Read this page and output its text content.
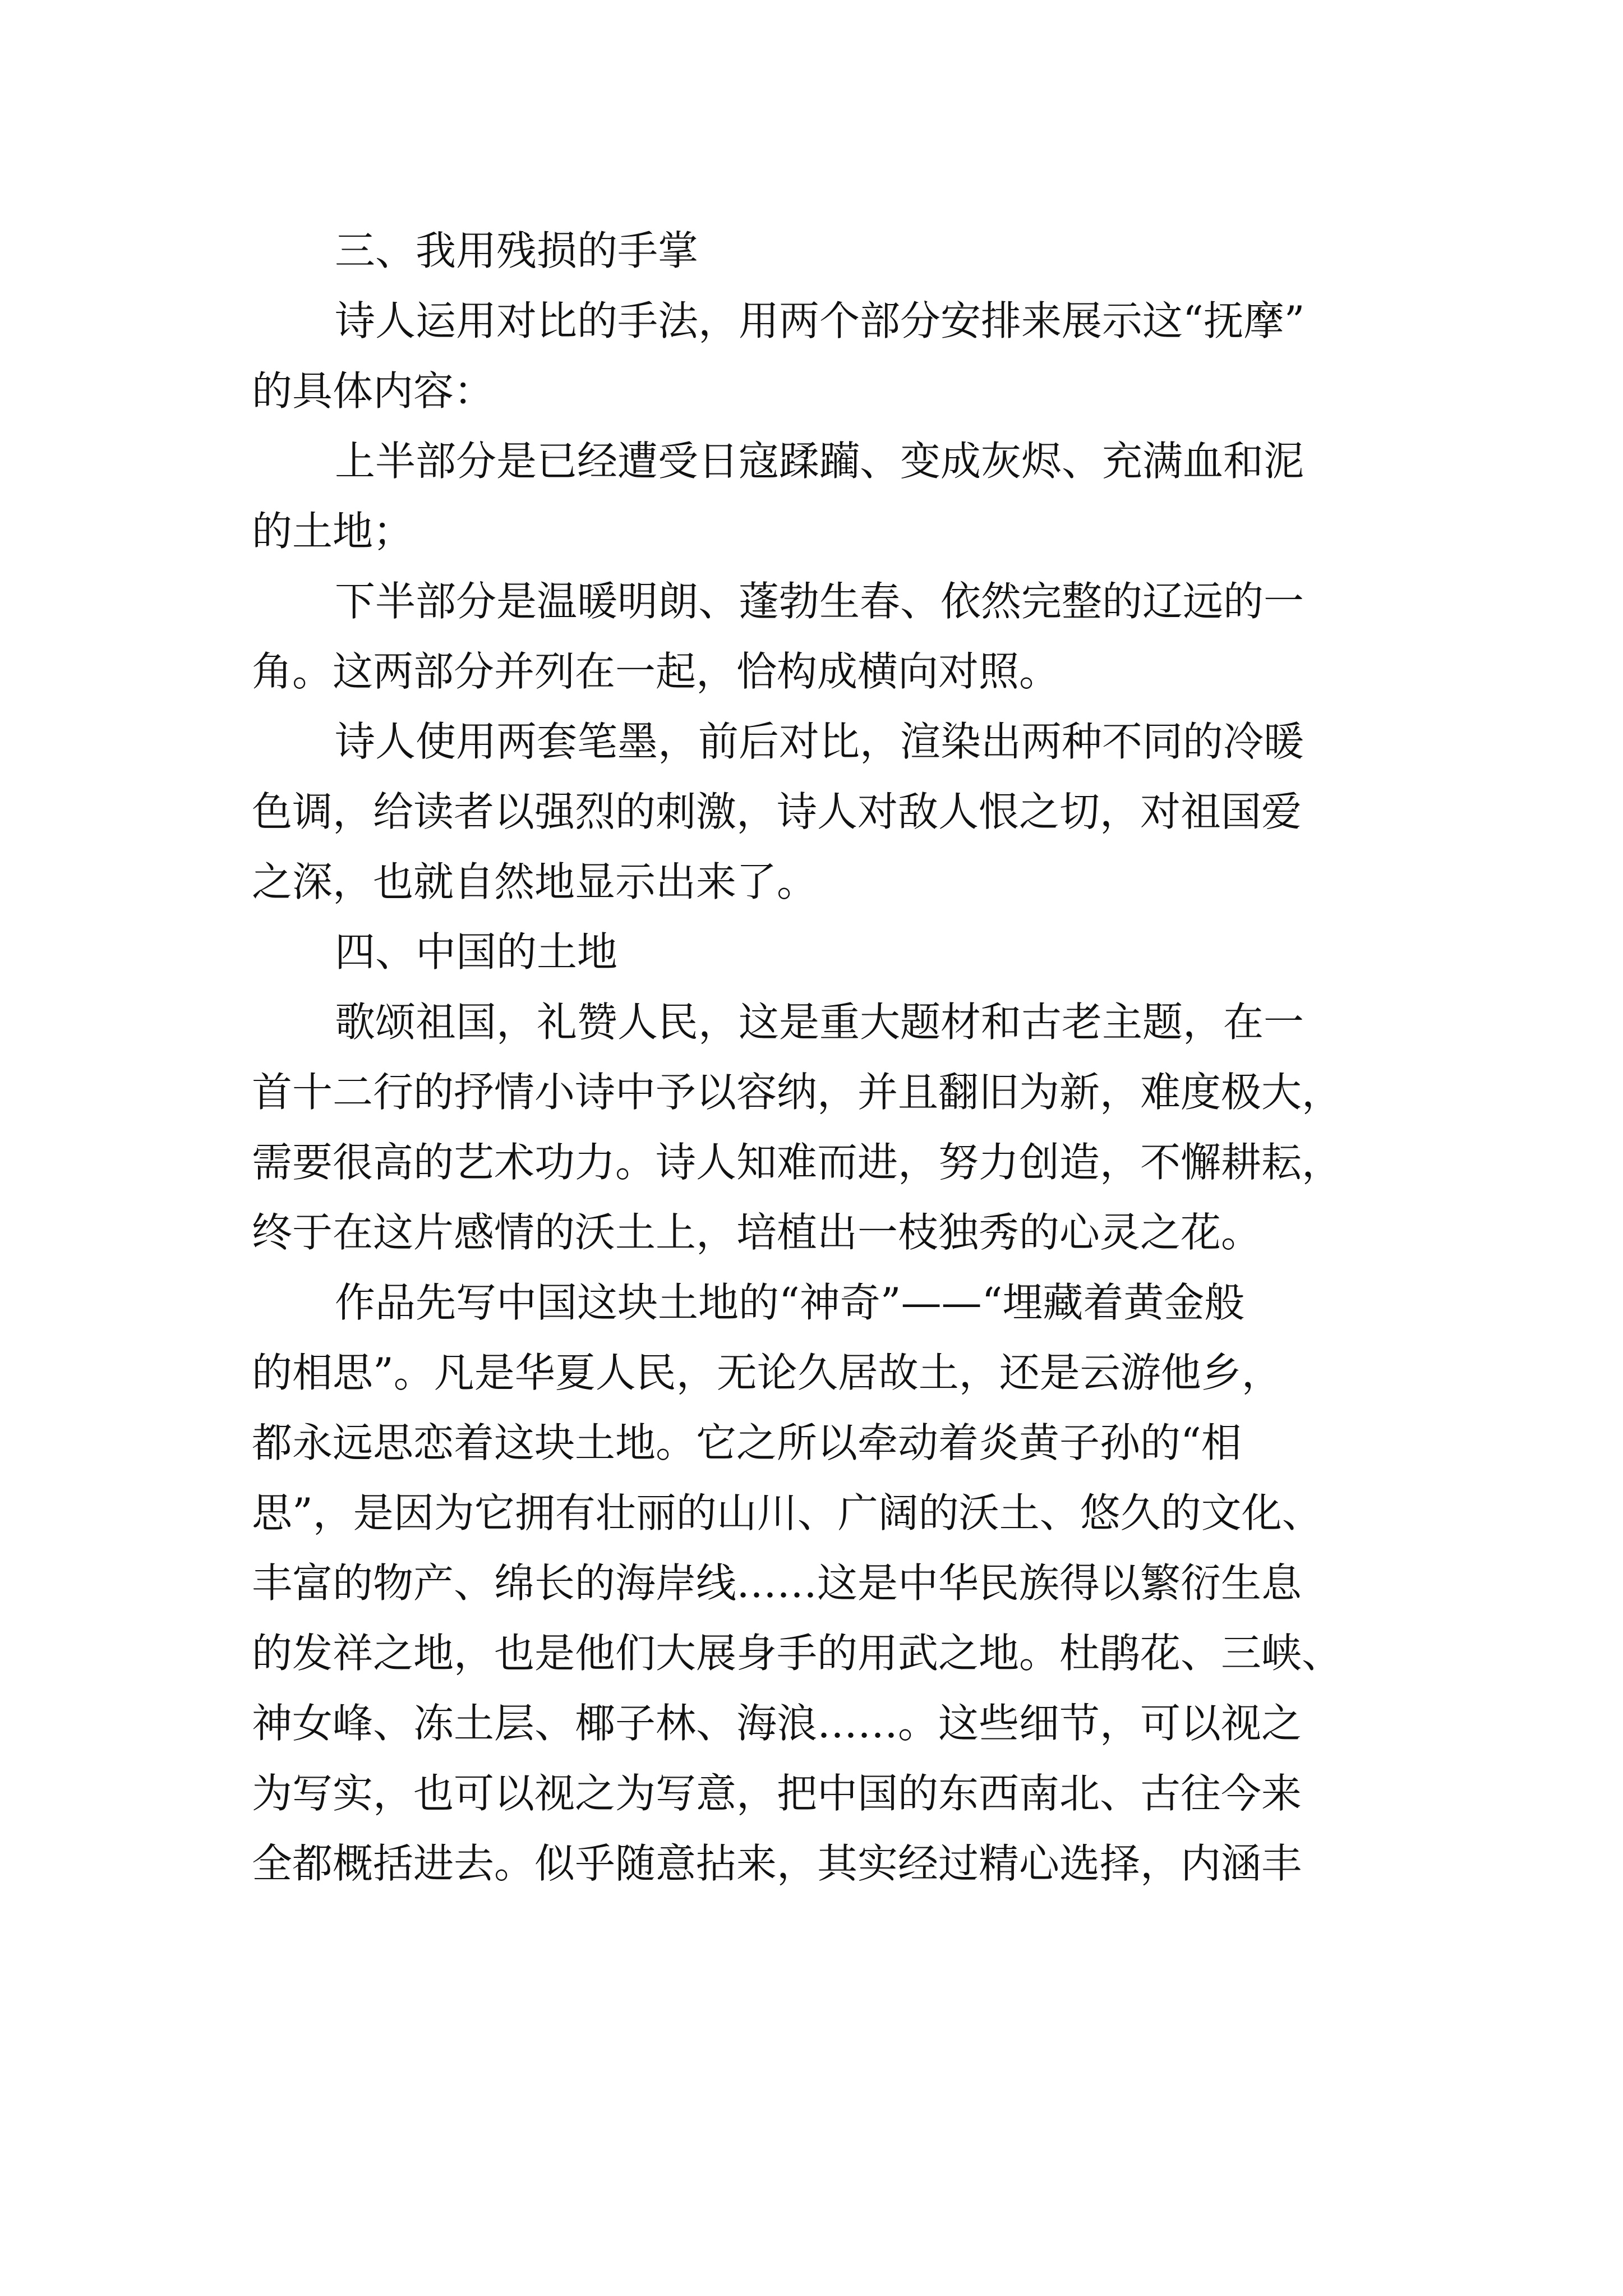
三、我用残损的手掌
诗人运用对比的手法，用两个部分安排来展示这“抚摩”
的具体内容：
上半部分是已经遭受日寇蹂躏、变成灰烬、充满血和泥
的土地；
下半部分是温暖明朗、蓬勃生春、依然完整的辽远的一
角。这两部分并列在一起，恰构成横向对照。
诗人使用两套笔墨，前后对比，渲染出两种不同的冷暖
色调，给读者以强烈的刺激，诗人对敌人恨之切，对祖国爱
之深，也就自然地显示出来了。
四、中国的土地
歌颂祖国，礼赞人民，这是重大题材和古老主题，在一
首十二行的抒情小诗中予以容纳，并且翻旧为新，难度极大，
需要很高的艺术功力。诗人知难而进，努力创造，不懈耕耘，
终于在这片感情的沃土上，培植出一枝独秀的心灵之花。
作品先写中国这块土地的“神奇”——“埋藏着黄金般
的相思”。凡是华夏人民，无论久居故土，还是云游他乡，
都永远思恋着这块土地。它之所以牵动着炎黄子孙的“相
思”，是因为它拥有壮丽的山川、广阔的沃土、悠久的文化、
丰富的物产、绵长的海岸线……这是中华民族得以繁衍生息
的发祥之地，也是他们大展身手的用武之地。杜鹃花、三峡、
神女峰、冻土层、椰子林、海浪……。这些细节，可以视之
为写实，也可以视之为写意，把中国的东西南北、古往今来
全都概括进去。似乎随意拈来，其实经过精心选择，内涵丰
